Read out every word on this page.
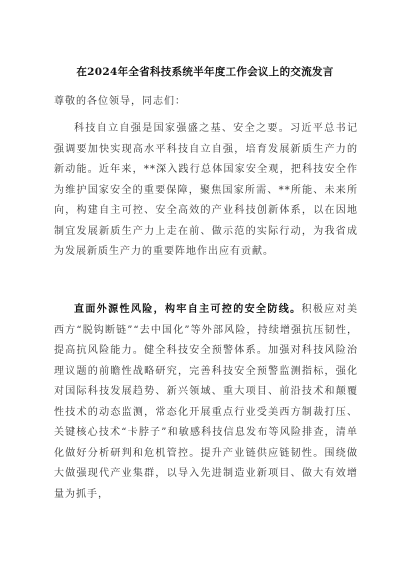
在2024年全省科技系统半年度工作会议上的交流发言
尊敬的各位领导，同志们：

科技自立自强是国家强盛之基、安全之要。习近平总书记强调要加快实现高水平科技自立自强，培育发展新质生产力的新动能。近年来，**深入践行总体国家安全观，把科技安全作为维护国家安全的重要保障，聚焦国家所需、**所能、未来所向，构建自主可控、安全高效的产业科技创新体系，以在因地制宜发展新质生产力上走在前、做示范的实际行动，为我省成为发展新质生产力的重要阵地作出应有贡献。

直面外源性风险，构牢自主可控的安全防线。积极应对美西方“脱钩断链”“去中国化”等外部风险，持续增强抗压韧性，提高抗风险能力。健全科技安全预警体系。加强对科技风险治理议题的前瞻性战略研究，完善科技安全预警监测指标，强化对国际科技发展趋势、新兴领域、重大项目、前沿技术和颠覆性技术的动态监测，常态化开展重点行业受美西方制裁打压、关键核心技术“卡脖子”和敏感科技信息发布等风险排查，清单化做好分析研判和危机管控。提升产业链供应链韧性。围绕做大做强现代产业集群，以导入先进制造业新项目、做大有效增量为抓手，
